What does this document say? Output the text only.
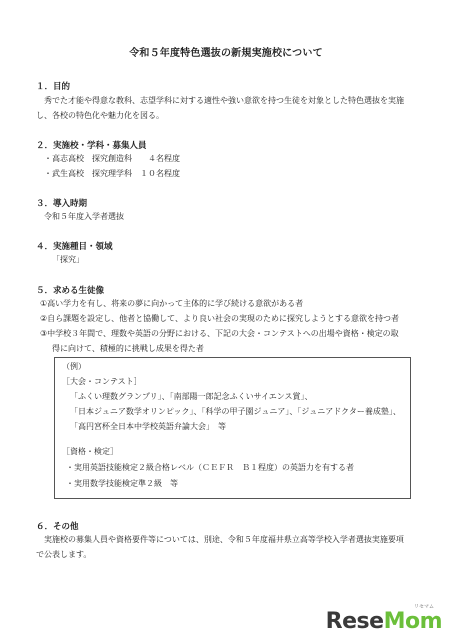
令和５年度特色選抜の新規実施校について
１．目的
秀でた才能や得意な教科、志望学科に対する適性や強い意欲を持つ生徒を対象とした特色選抜を実施
し、各校の特色化や魅力化を図る。
２．実施校・学科・募集人員
・高志高校　探究創造科　　４名程度
・武生高校　探究理学科　１０名程度
３．導入時期
令和５年度入学者選抜
４．実施種目・領域
「探究」
５．求める生徒像
①高い学力を有し、将来の夢に向かって主体的に学び続ける意欲がある者
②自ら課題を設定し、他者と協働して、より良い社会の実現のために探究しようとする意欲を持つ者
③中学校３年間で、理数や英語の分野における、下記の大会・コンテストへの出場や資格・検定の取
得に向けて、積極的に挑戦し成果を得た者
（例）
［大会・コンテスト］
「ふくい理数グランプリ」、「南部陽一郎記念ふくいサイエンス賞」、
「日本ジュニア数学オリンピック」、「科学の甲子園ジュニア」、「ジュニアドクター養成塾」、
「高円宮杯全日本中学校英語弁論大会」　等
［資格・検定］
・実用英語技能検定２級合格レベル（ＣＥＦＲ　Ｂ１程度）の英語力を有する者
・実用数学技能検定準２級　等
６．その他
実施校の募集人員や資格要件等については、別途、令和５年度福井県立高等学校入学者選抜実施要項
で公表します。
リセマム
ReseMom
